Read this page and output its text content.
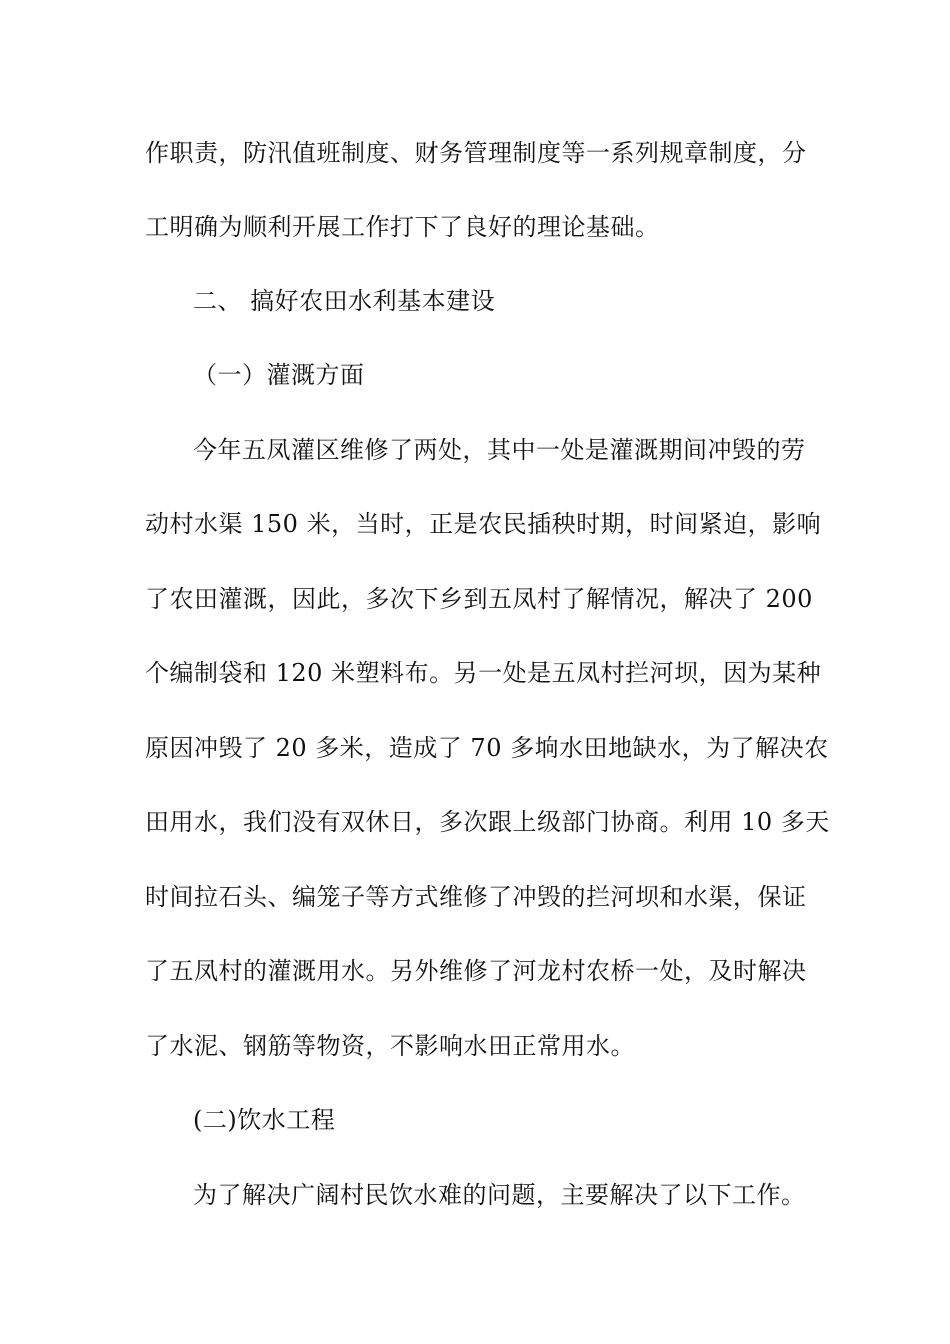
作职责，防汛值班制度、财务管理制度等一系列规章制度，分

工明确为顺利开展工作打下了良好的理论基础。

二、 搞好农田水利基本建设

（一）灌溉方面

今年五凤灌区维修了两处，其中一处是灌溉期间冲毁的劳

动村水渠 150 米，当时，正是农民插秧时期，时间紧迫，影响

了农田灌溉，因此，多次下乡到五凤村了解情况，解决了 200

个编制袋和 120 米塑料布。另一处是五凤村拦河坝，因为某种

原因冲毁了 20 多米，造成了 70 多垧水田地缺水，为了解决农

田用水，我们没有双休日，多次跟上级部门协商。利用 10 多天

时间拉石头、编笼子等方式维修了冲毁的拦河坝和水渠，保证

了五凤村的灌溉用水。另外维修了河龙村农桥一处，及时解决

了水泥、钢筋等物资，不影响水田正常用水。

(二)饮水工程

为了解决广阔村民饮水难的问题，主要解决了以下工作。
